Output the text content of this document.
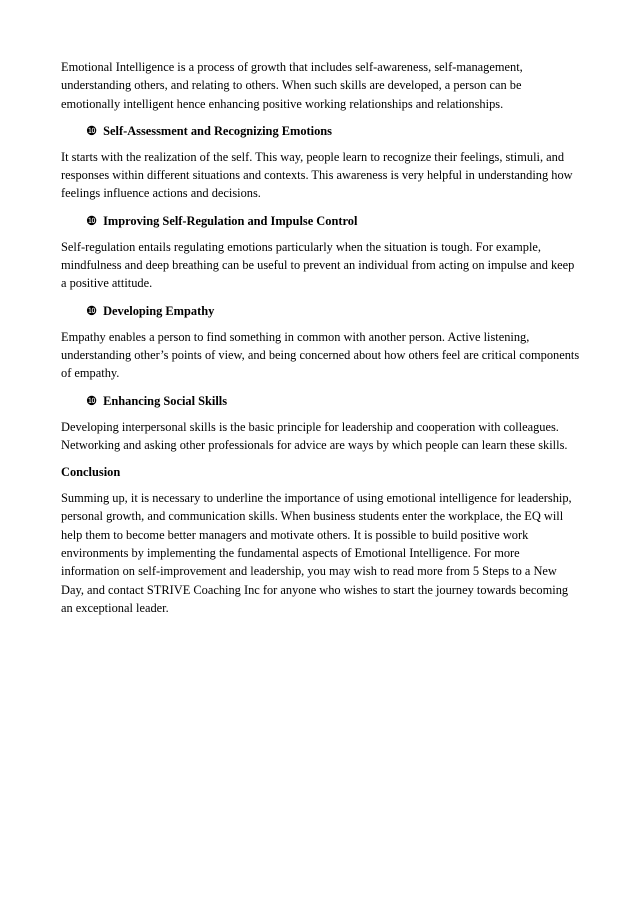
Emotional Intelligence is a process of growth that includes self-awareness, self-management, understanding others, and relating to others. When such skills are developed, a person can be emotionally intelligent hence enhancing positive working relationships and relationships.

❿ Self-Assessment and Recognizing Emotions

It starts with the realization of the self. This way, people learn to recognize their feelings, stimuli, and responses within different situations and contexts. This awareness is very helpful in understanding how feelings influence actions and decisions.

❿ Improving Self-Regulation and Impulse Control

Self-regulation entails regulating emotions particularly when the situation is tough. For example, mindfulness and deep breathing can be useful to prevent an individual from acting on impulse and keep a positive attitude.

❿ Developing Empathy

Empathy enables a person to find something in common with another person. Active listening, understanding other’s points of view, and being concerned about how others feel are critical components of empathy.

❿ Enhancing Social Skills

Developing interpersonal skills is the basic principle for leadership and cooperation with colleagues. Networking and asking other professionals for advice are ways by which people can learn these skills.

Conclusion

Summing up, it is necessary to underline the importance of using emotional intelligence for leadership, personal growth, and communication skills. When business students enter the workplace, the EQ will help them to become better managers and motivate others. It is possible to build positive work environments by implementing the fundamental aspects of Emotional Intelligence. For more information on self-improvement and leadership, you may wish to read more from 5 Steps to a New Day, and contact STRIVE Coaching Inc for anyone who wishes to start the journey towards becoming an exceptional leader.
